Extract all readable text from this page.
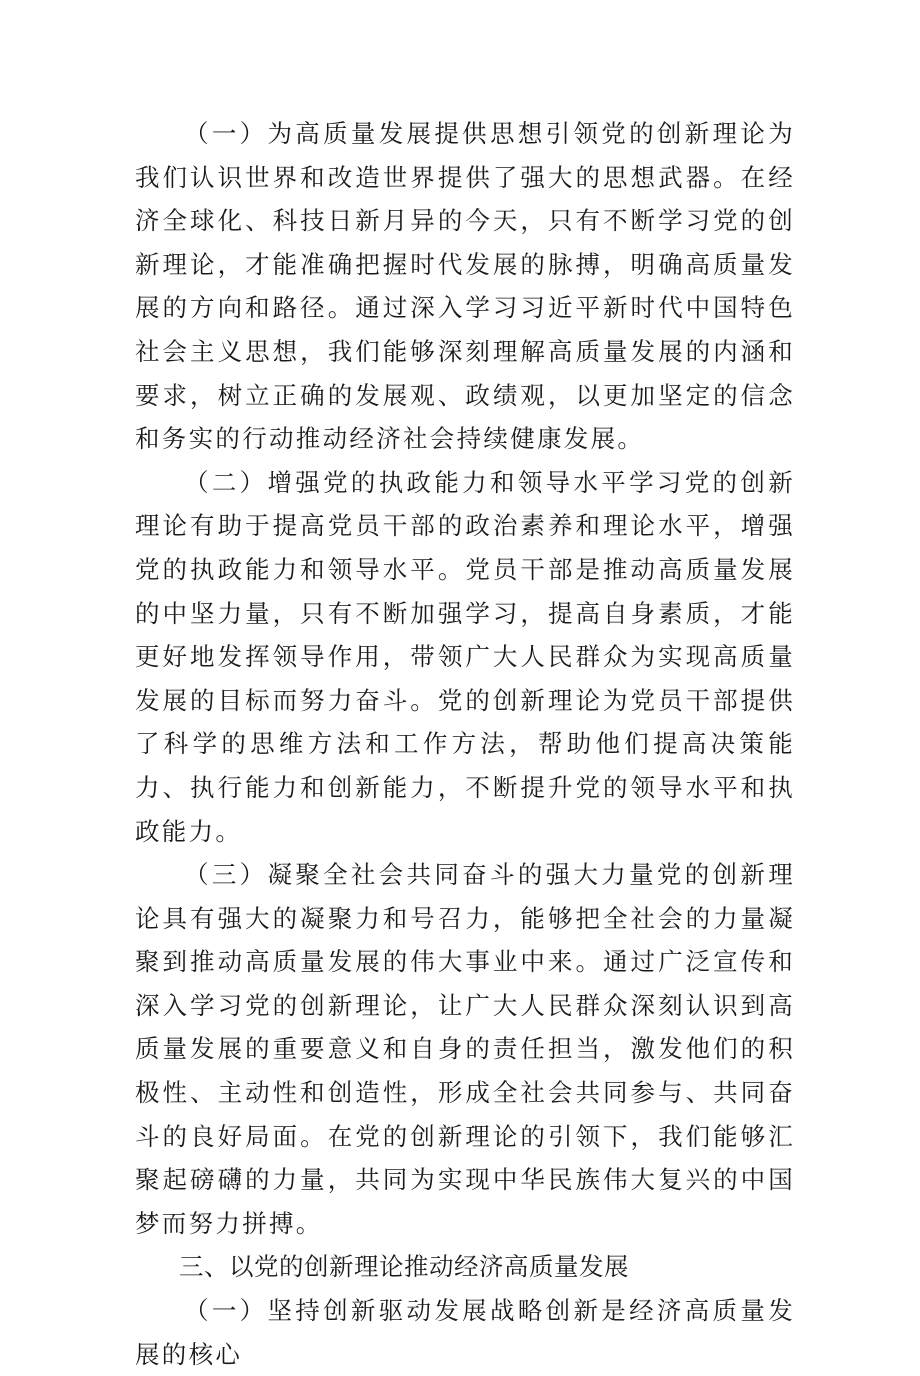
（一）为高质量发展提供思想引领党的创新理论为我们认识世界和改造世界提供了强大的思想武器。在经济全球化、科技日新月异的今天，只有不断学习党的创新理论，才能准确把握时代发展的脉搏，明确高质量发展的方向和路径。通过深入学习习近平新时代中国特色社会主义思想，我们能够深刻理解高质量发展的内涵和要求，树立正确的发展观、政绩观，以更加坚定的信念和务实的行动推动经济社会持续健康发展。

（二）增强党的执政能力和领导水平学习党的创新理论有助于提高党员干部的政治素养和理论水平，增强党的执政能力和领导水平。党员干部是推动高质量发展的中坚力量，只有不断加强学习，提高自身素质，才能更好地发挥领导作用，带领广大人民群众为实现高质量发展的目标而努力奋斗。党的创新理论为党员干部提供了科学的思维方法和工作方法，帮助他们提高决策能力、执行能力和创新能力，不断提升党的领导水平和执政能力。

（三）凝聚全社会共同奋斗的强大力量党的创新理论具有强大的凝聚力和号召力，能够把全社会的力量凝聚到推动高质量发展的伟大事业中来。通过广泛宣传和深入学习党的创新理论，让广大人民群众深刻认识到高质量发展的重要意义和自身的责任担当，激发他们的积极性、主动性和创造性，形成全社会共同参与、共同奋斗的良好局面。在党的创新理论的引领下，我们能够汇聚起磅礴的力量，共同为实现中华民族伟大复兴的中国梦而努力拼搏。

三、以党的创新理论推动经济高质量发展

（一）坚持创新驱动发展战略创新是经济高质量发展的核心
